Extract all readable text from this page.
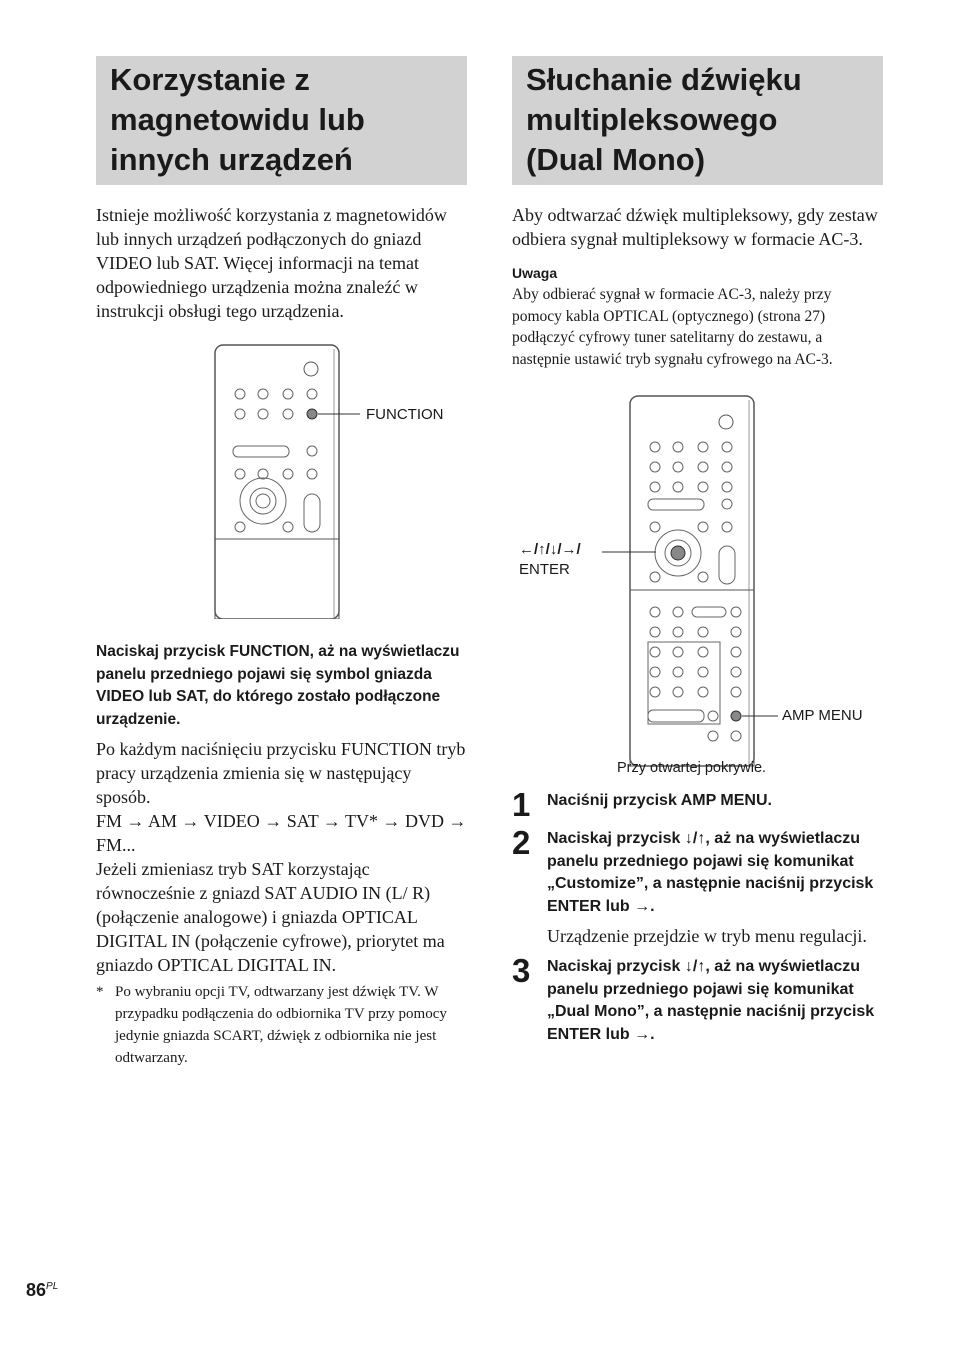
Korzystanie z
magnetowidu lub
innych urządzeń

Istnieje możliwość korzystania z magnetowidów lub innych urządzeń podłączonych do gniazd VIDEO lub SAT. Więcej informacji na temat odpowiedniego urządzenia można znaleźć w instrukcji obsługi tego urządzenia.

FUNCTION

Naciskaj przycisk FUNCTION, aż na wyświetlaczu panelu przedniego pojawi się symbol gniazda VIDEO lub SAT, do którego zostało podłączone urządzenie.

Po każdym naciśnięciu przycisku FUNCTION tryb pracy urządzenia zmienia się w następujący sposób.

FM → AM → VIDEO → SAT → TV* → DVD → FM...

Jeżeli zmieniasz tryb SAT korzystając równocześnie z gniazd SAT AUDIO IN (L/ R) (połączenie analogowe) i gniazda OPTICAL DIGITAL IN (połączenie cyfrowe), priorytet ma gniazdo OPTICAL DIGITAL IN.

* Po wybraniu opcji TV, odtwarzany jest dźwięk TV. W przypadku podłączenia do odbiornika TV przy pomocy jedynie gniazda SCART, dźwięk z odbiornika nie jest odtwarzany.
Słuchanie dźwięku
multipleksowego
(Dual Mono)

Aby odtwarzać dźwięk multipleksowy, gdy zestaw odbiera sygnał multipleksowy w formacie AC-3.

Uwaga

Aby odbierać sygnał w formacie AC-3, należy przy pomocy kabla OPTICAL (optycznego) (strona 27) podłączyć cyfrowy tuner satelitarny do zestawu, a następnie ustawić tryb sygnału cyfrowego na AC-3.

←/↑/↓/→/
ENTER
AMP MENU
Przy otwartej pokrywie.
1	Naciśnij przycisk AMP MENU.

2	Naciskaj przycisk ↓/↑, aż na wyświetlaczu panelu przedniego pojawi się komunikat „Customize”, a następnie naciśnij przycisk ENTER lub →.

Urządzenie przejdzie w tryb menu regulacji.

3	Naciskaj przycisk ↓/↑, aż na wyświetlaczu panelu przedniego pojawi się komunikat „Dual Mono”, a następnie naciśnij przycisk ENTER lub →.

$86^{PL}$
